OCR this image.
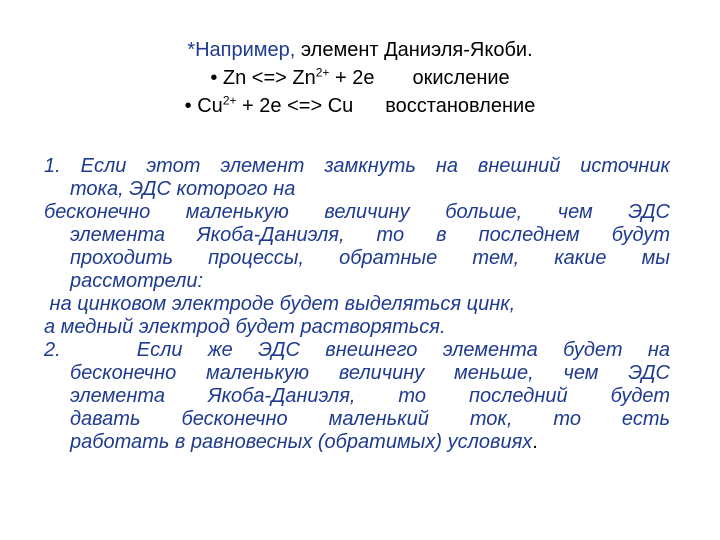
*Например, элемент Даниэля-Якоби.
• Zn <=> $Zn^{2+} + 2e$ окисление
• $Cu^{2+} + 2e$ <=> Cu восстановление

1. Если этот элемент замкнуть на внешний источник

тока, ЭДС которого на

бесконечно маленькую величину больше, чем ЭДС

элемента Якоба-Даниэля, то в последнем будут

проходить процессы, обратные тем, какие мы

рассмотрели:

на цинковом электроде будет выделяться цинк,

а медный электрод будет растворяться.

2.   Если же ЭДС внешнего элемента будет на

бесконечно маленькую величину меньше, чем ЭДС

элемента Якоба-Даниэля, то последний будет

давать бесконечно маленький ток, то есть

работать в равновесных (обратимых) условиях.
